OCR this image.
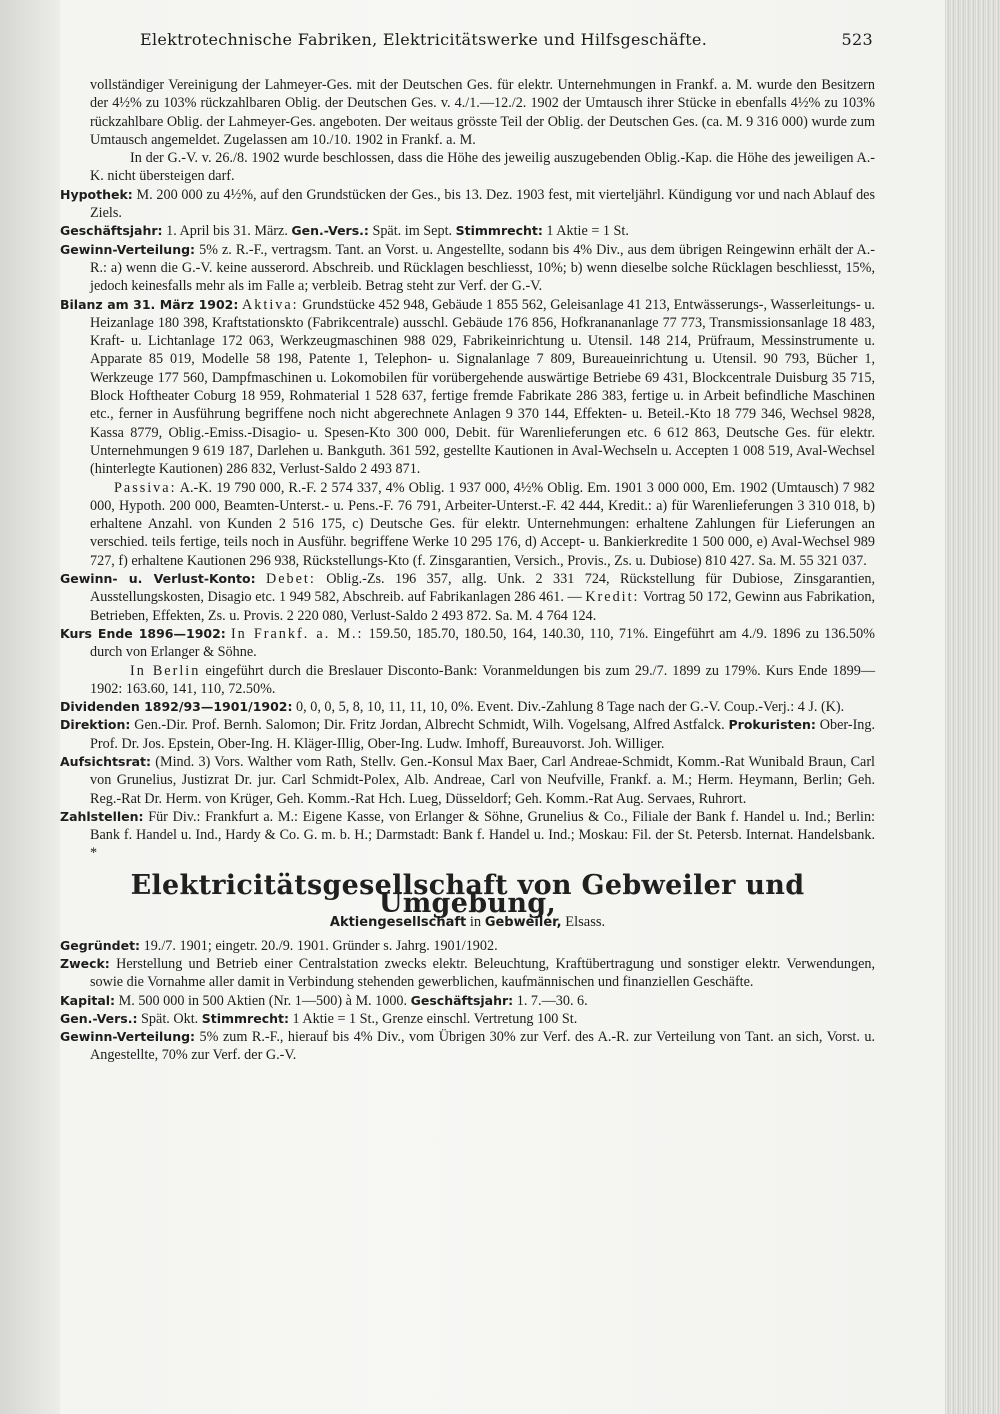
Elektrotechnische Fabriken, Elektricitätswerke und Hilfsgeschäfte.	523

vollständiger Vereinigung der Lahmeyer-Ges. mit der Deutschen Ges. für elektr. Unternehmungen in Frankf. a. M. wurde den Besitzern der 4½% zu 103% rückzahlbaren Oblig. der Deutschen Ges. v. 4./1.—12./2. 1902 der Umtausch ihrer Stücke in ebenfalls 4½% zu 103% rückzahlbare Oblig. der Lahmeyer-Ges. angeboten. Der weitaus grösste Teil der Oblig. der Deutschen Ges. (ca. M. 9 316 000) wurde zum Umtausch angemeldet. Zugelassen am 10./10. 1902 in Frankf. a. M.

In der G.-V. v. 26./8. 1902 wurde beschlossen, dass die Höhe des jeweilig auszugebenden Oblig.-Kap. die Höhe des jeweiligen A.-K. nicht übersteigen darf.

Hypothek: M. 200 000 zu 4½%, auf den Grundstücken der Ges., bis 13. Dez. 1903 fest, mit vierteljährl. Kündigung vor und nach Ablauf des Ziels.

Geschäftsjahr: 1. April bis 31. März. Gen.-Vers.: Spät. im Sept. Stimmrecht: 1 Aktie = 1 St.

Gewinn-Verteilung: 5% z. R.-F., vertragsm. Tant. an Vorst. u. Angestellte, sodann bis 4% Div., aus dem übrigen Reingewinn erhält der A.-R.: a) wenn die G.-V. keine ausserord. Abschreib. und Rücklagen beschliesst, 10%; b) wenn dieselbe solche Rücklagen beschliesst, 15%, jedoch keinesfalls mehr als im Falle a; verbleib. Betrag steht zur Verf. der G.-V.

Bilanz am 31. März 1902: Aktiva: Grundstücke 452 948, Gebäude 1 855 562, Geleisanlage 41 213, Entwässerungs-, Wasserleitungs- u. Heizanlage 180 398, Kraftstationskto (Fabrikcentrale) ausschl. Gebäude 176 856, Hofkranananlage 77 773, Transmissionsanlage 18 483, Kraft- u. Lichtanlage 172 063, Werkzeugmaschinen 988 029, Fabrikeinrichtung u. Utensil. 148 214, Prüfraum, Messinstrumente u. Apparate 85 019, Modelle 58 198, Patente 1, Telephon- u. Signalanlage 7 809, Bureaueinrichtung u. Utensil. 90 793, Bücher 1, Werkzeuge 177 560, Dampfmaschinen u. Lokomobilen für vorübergehende auswärtige Betriebe 69 431, Blockcentrale Duisburg 35 715, Block Hoftheater Coburg 18 959, Rohmaterial 1 528 637, fertige fremde Fabrikate 286 383, fertige u. in Arbeit befindliche Maschinen etc., ferner in Ausführung begriffene noch nicht abgerechnete Anlagen 9 370 144, Effekten- u. Beteil.-Kto 18 779 346, Wechsel 9828, Kassa 8779, Oblig.-Emiss.-Disagio- u. Spesen-Kto 300 000, Debit. für Warenlieferungen etc. 6 612 863, Deutsche Ges. für elektr. Unternehmungen 9 619 187, Darlehen u. Bankguth. 361 592, gestellte Kautionen in Aval-Wechseln u. Accepten 1 008 519, Aval-Wechsel (hinterlegte Kautionen) 286 832, Verlust-Saldo 2 493 871.

Passiva: A.-K. 19 790 000, R.-F. 2 574 337, 4% Oblig. 1 937 000, 4½% Oblig. Em. 1901 3 000 000, Em. 1902 (Umtausch) 7 982 000, Hypoth. 200 000, Beamten-Unterst.- u. Pens.-F. 76 791, Arbeiter-Unterst.-F. 42 444, Kredit.: a) für Warenlieferungen 3 310 018, b) erhaltene Anzahl. von Kunden 2 516 175, c) Deutsche Ges. für elektr. Unternehmungen: erhaltene Zahlungen für Lieferungen an verschied. teils fertige, teils noch in Ausführ. begriffene Werke 10 295 176, d) Accept- u. Bankierkredite 1 500 000, e) Aval-Wechsel 989 727, f) erhaltene Kautionen 296 938, Rückstellungs-Kto (f. Zinsgarantien, Versich., Provis., Zs. u. Dubiose) 810 427. Sa. M. 55 321 037.

Gewinn- u. Verlust-Konto: Debet: Oblig.-Zs. 196 357, allg. Unk. 2 331 724, Rückstellung für Dubiose, Zinsgarantien, Ausstellungskosten, Disagio etc. 1 949 582, Abschreib. auf Fabrikanlagen 286 461. — Kredit: Vortrag 50 172, Gewinn aus Fabrikation, Betrieben, Effekten, Zs. u. Provis. 2 220 080, Verlust-Saldo 2 493 872. Sa. M. 4 764 124.

Kurs Ende 1896—1902: In Frankf. a. M.: 159.50, 185.70, 180.50, 164, 140.30, 110, 71%. Eingeführt am 4./9. 1896 zu 136.50% durch von Erlanger & Söhne.

In Berlin eingeführt durch die Breslauer Disconto-Bank: Voranmeldungen bis zum 29./7. 1899 zu 179%. Kurs Ende 1899—1902: 163.60, 141, 110, 72.50%.

Dividenden 1892/93—1901/1902: 0, 0, 0, 5, 8, 10, 11, 11, 10, 0%. Event. Div.-Zahlung 8 Tage nach der G.-V. Coup.-Verj.: 4 J. (K).

Direktion: Gen.-Dir. Prof. Bernh. Salomon; Dir. Fritz Jordan, Albrecht Schmidt, Wilh. Vogelsang, Alfred Astfalck. Prokuristen: Ober-Ing. Prof. Dr. Jos. Epstein, Ober-Ing. H. Kläger-Illig, Ober-Ing. Ludw. Imhoff, Bureauvorst. Joh. Williger.

Aufsichtsrat: (Mind. 3) Vors. Walther vom Rath, Stellv. Gen.-Konsul Max Baer, Carl Andreae-Schmidt, Komm.-Rat Wunibald Braun, Carl von Grunelius, Justizrat Dr. jur. Carl Schmidt-Polex, Alb. Andreae, Carl von Neufville, Frankf. a. M.; Herm. Heymann, Berlin; Geh. Reg.-Rat Dr. Herm. von Krüger, Geh. Komm.-Rat Hch. Lueg, Düsseldorf; Geh. Komm.-Rat Aug. Servaes, Ruhrort.

Zahlstellen: Für Div.: Frankfurt a. M.: Eigene Kasse, von Erlanger & Söhne, Grunelius & Co., Filiale der Bank f. Handel u. Ind.; Berlin: Bank f. Handel u. Ind., Hardy & Co. G. m. b. H.; Darmstadt: Bank f. Handel u. Ind.; Moskau: Fil. der St. Petersb. Internat. Handelsbank. *

Elektricitätsgesellschaft von Gebweiler und Umgebung,
Aktiengesellschaft in Gebweiler, Elsass.

Gegründet: 19./7. 1901; eingetr. 20./9. 1901. Gründer s. Jahrg. 1901/1902.

Zweck: Herstellung und Betrieb einer Centralstation zwecks elektr. Beleuchtung, Kraftübertragung und sonstiger elektr. Verwendungen, sowie die Vornahme aller damit in Verbindung stehenden gewerblichen, kaufmännischen und finanziellen Geschäfte.

Kapital: M. 500 000 in 500 Aktien (Nr. 1—500) à M. 1000. Geschäftsjahr: 1. 7.—30. 6.

Gen.-Vers.: Spät. Okt. Stimmrecht: 1 Aktie = 1 St., Grenze einschl. Vertretung 100 St.

Gewinn-Verteilung: 5% zum R.-F., hierauf bis 4% Div., vom Übrigen 30% zur Verf. des A.-R. zur Verteilung von Tant. an sich, Vorst. u. Angestellte, 70% zur Verf. der G.-V.
